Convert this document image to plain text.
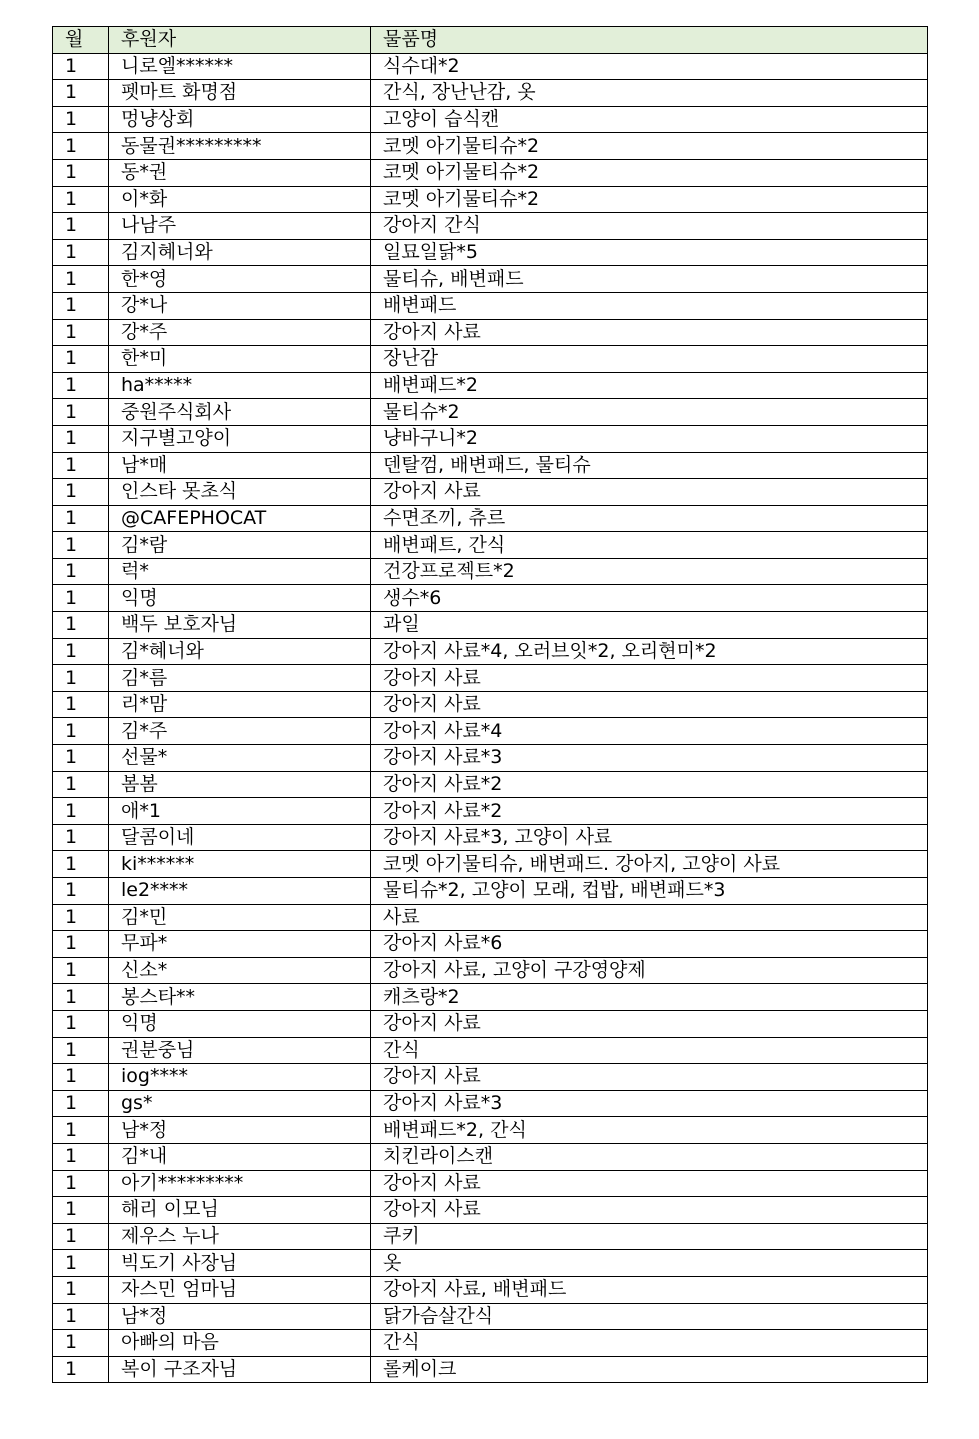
월	후원자	물품명
1	니로엘******	식수대*2
1	펫마트 화명점	간식, 장난난감, 옷
1	멍냥상회	고양이 습식캔
1	동물권*********	코멧 아기물티슈*2
1	동*권	코멧 아기물티슈*2
1	이*화	코멧 아기물티슈*2
1	나남주	강아지 간식
1	김지혜너와	일묘일닭*5
1	한*영	물티슈, 배변패드
1	강*나	배변패드
1	강*주	강아지 사료
1	한*미	장난감
1	ha*****	배변패드*2
1	중원주식회사	물티슈*2
1	지구별고양이	냥바구니*2
1	남*매	덴탈껌, 배변패드, 물티슈
1	인스타 못초식	강아지 사료
1	@CAFEPHOCAT	수면조끼, 츄르
1	김*람	배변패트, 간식
1	럭*	건강프로젝트*2
1	익명	생수*6
1	백두 보호자님	과일
1	김*혜너와	강아지 사료*4, 오러브잇*2, 오리현미*2
1	김*름	강아지 사료
1	리*맘	강아지 사료
1	김*주	강아지 사료*4
1	선물*	강아지 사료*3
1	봄봄	강아지 사료*2
1	애*1	강아지 사료*2
1	달콤이네	강아지 사료*3, 고양이 사료
1	ki******	코멧 아기물티슈, 배변패드. 강아지, 고양이 사료
1	le2****	물티슈*2, 고양이 모래, 컵밥, 배변패드*3
1	김*민	사료
1	무파*	강아지 사료*6
1	신소*	강아지 사료, 고양이 구강영양제
1	봉스타**	캐츠랑*2
1	익명	강아지 사료
1	권분중님	간식
1	iog****	강아지 사료
1	gs*	강아지 사료*3
1	남*정	배변패드*2, 간식
1	김*내	치킨라이스캔
1	아기*********	강아지 사료
1	해리 이모님	강아지 사료
1	제우스 누나	쿠키
1	빅도기 사장님	옷
1	자스민 엄마님	강아지 사료, 배변패드
1	남*정	닭가슴살간식
1	아빠의 마음	간식
1	복이 구조자님	롤케이크
